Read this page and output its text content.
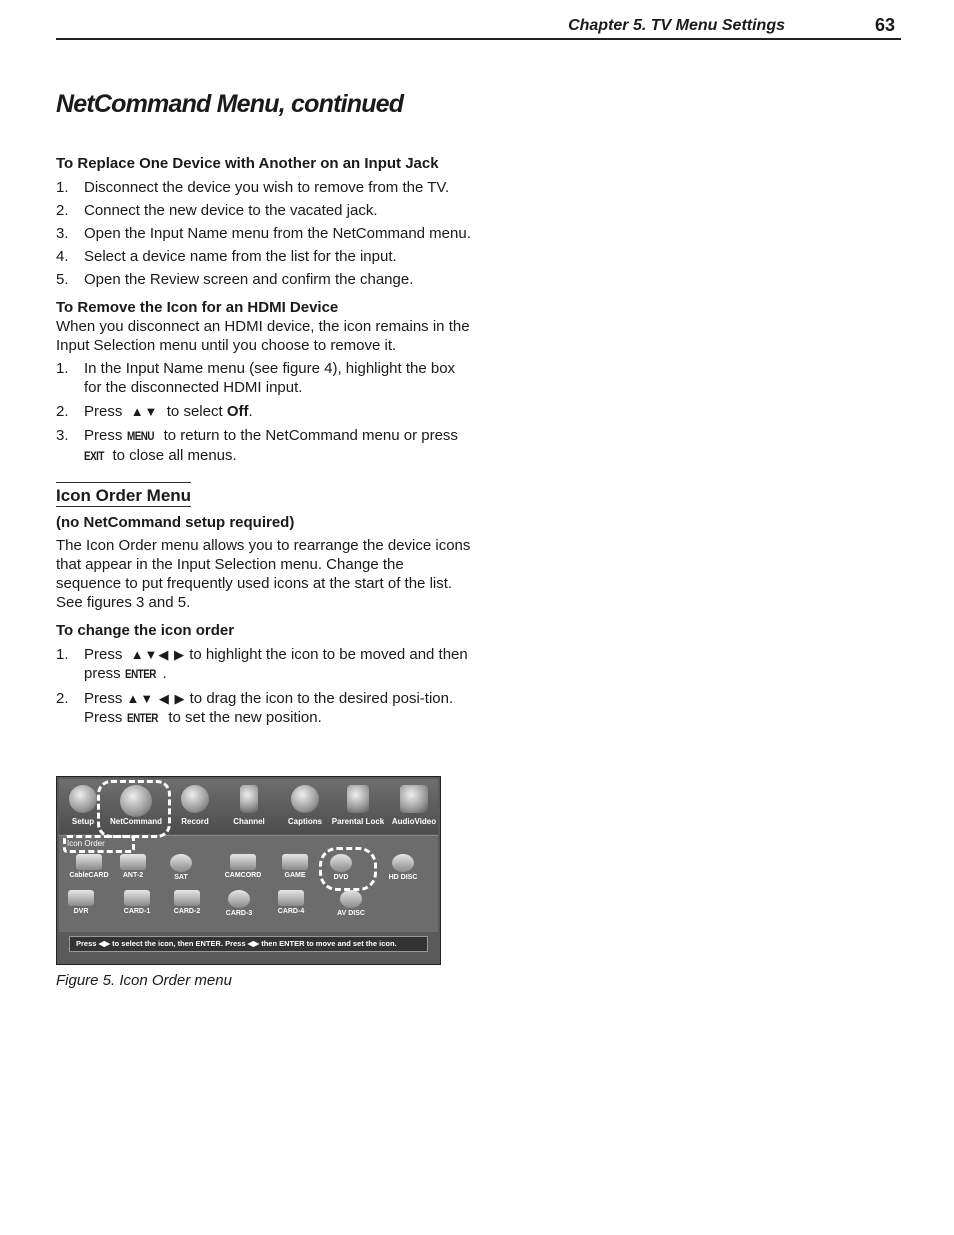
Chapter 5. TV Menu Settings	63
NetCommand Menu, continued

To Replace One Device with Another on an Input Jack

1. Disconnect the device you wish to remove from the TV.
2. Connect the new device to the vacated jack.
3. Open the Input Name menu from the NetCommand menu.
4. Select a device name from the list for the input.
5. Open the Review screen and confirm the change.

To Remove the Icon for an HDMI Device

When you disconnect an HDMI device, the icon remains in the Input Selection menu until you choose to remove it.

1. In the Input Name menu (see figure 4), highlight the box for the disconnected HDMI input.
2. Press ▲▼ to select Off.
3. Press MENU to return to the NetCommand menu or press EXIT to close all menus.
Icon Order Menu

(no NetCommand setup required)

The Icon Order menu allows you to rearrange the device icons that appear in the Input Selection menu. Change the sequence to put frequently used icons at the start of the list. See figures 3 and 5.

To change the icon order

1. Press ▲▼◀ ▶ to highlight the icon to be moved and then press ENTER .
2. Press ▲▼ ◀ ▶ to drag the icon to the desired posi-tion. Press ENTER to set the new position.
Setup	NetCommand	Record	Channel	Captions	Parental Lock AudioVideo
Icon Order
CableCARD	ANT-2	SAT	CAMCORD	GAME	DVD	HD DISC
DVR	CARD-1	CARD-2	CARD-3	CARD-4	AV DISC
Press ◀▶ to select the icon, then ENTER. Press ◀▶ then ENTER to move and set the icon.
Figure 5. Icon Order menu
